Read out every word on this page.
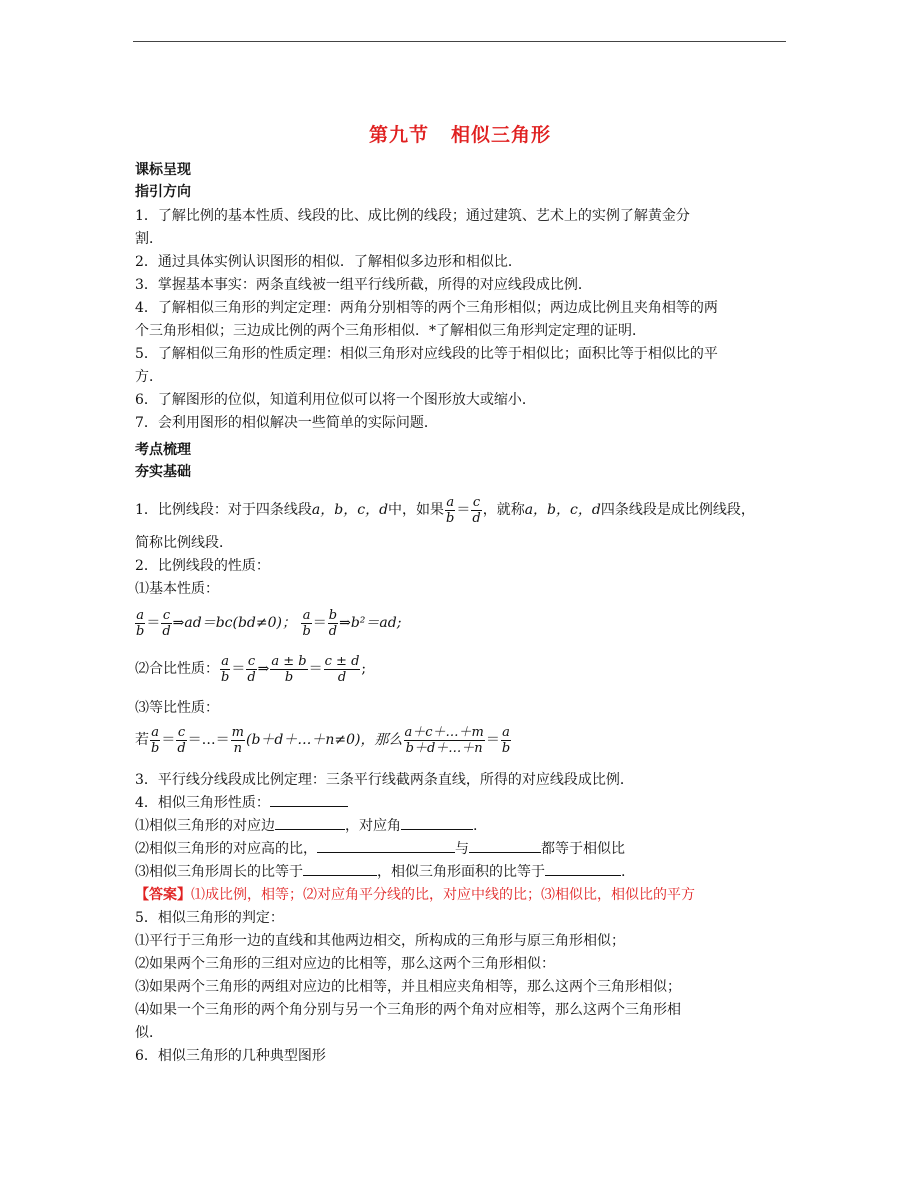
第九节 相似三角形
课标呈现
指引方向
1．了解比例的基本性质、线段的比、成比例的线段；通过建筑、艺术上的实例了解黄金分
割．
2．通过具体实例认识图形的相似．了解相似多边形和相似比．
3．掌握基本事实：两条直线被一组平行线所截，所得的对应线段成比例．
4．了解相似三角形的判定定理：两角分别相等的两个三角形相似；两边成比例且夹角相等的两
个三角形相似；三边成比例的两个三角形相似．*了解相似三角形判定定理的证明．
5．了解相似三角形的性质定理：相似三角形对应线段的比等于相似比；面积比等于相似比的平
方．
6．了解图形的位似，知道利用位似可以将一个图形放大或缩小．
7．会利用图形的相似解决一些简单的实际问题．
考点梳理
夯实基础
1．比例线段：对于四条线段a，b，c，d中，如果 $\frac{a}{b} = \frac{c}{d}$ ，就称a，b，c，d四条线段是成比例线段，
简称比例线段．
2．比例线段的性质：
⑴基本性质：
$\frac{a}{b} = \frac{c}{d}$ ⇒ad＝bc(bd≠0)； $\frac{a}{b} = \frac{b}{d}$ ⇒b²＝ad;
⑵合比性质： $\frac{a}{b} = \frac{c}{d}$ ⇒ $\frac{a \pm b}{b} = \frac{c \pm d}{d}$ ;
⑶等比性质：
若 $\frac{a}{b} = \frac{c}{d}$ ＝…＝ $\frac{m}{n}$ (b＋d＋…＋n≠0)，那么 $\frac{a+c+\dots+m}{b+d+\dots+n} = \frac{a}{b}$
3．平行线分线段成比例定理：三条平行线截两条直线，所得的对应线段成比例．
4．相似三角形性质：
⑴相似三角形的对应边	，对应角	.
⑵相似三角形的对应高的比，	与	都等于相似比
⑶相似三角形周长的比等于	，相似三角形面积的比等于	.
【答案】⑴成比例，相等；⑵对应角平分线的比，对应中线的比；⑶相似比，相似比的平方
5．相似三角形的判定：
⑴平行于三角形一边的直线和其他两边相交，所构成的三角形与原三角形相似；
⑵如果两个三角形的三组对应边的比相等，那么这两个三角形相似：
⑶如果两个三角形的两组对应边的比相等，并且相应夹角相等，那么这两个三角形相似；
⑷如果一个三角形的两个角分别与另一个三角形的两个角对应相等，那么这两个三角形相
似．
6．相似三角形的几种典型图形
